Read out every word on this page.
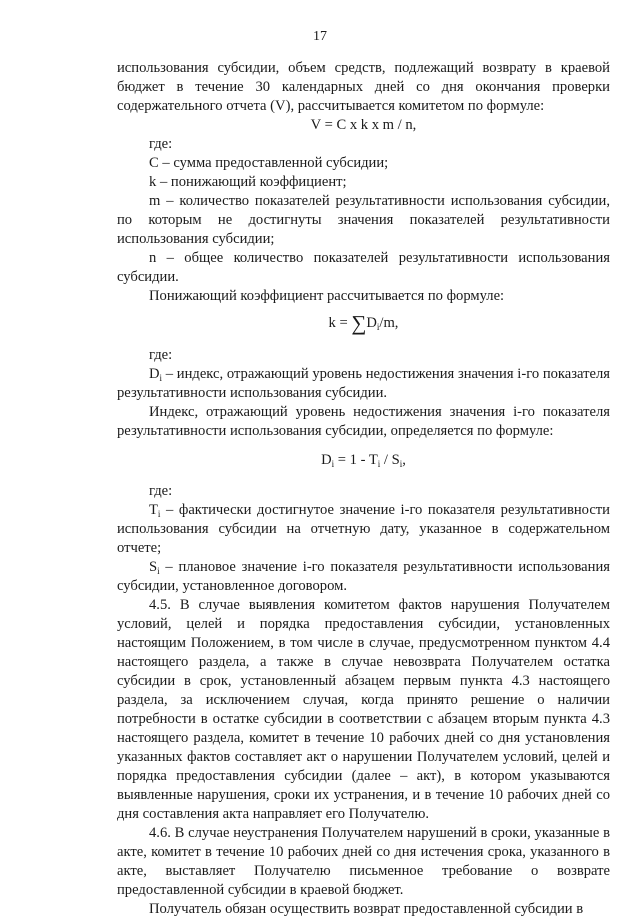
17

использования субсидии, объем средств, подлежащий возврату в краевой бюджет в течение 30 календарных дней со дня окончания проверки содержательного отчета (V), рассчитывается комитетом по формуле:

V = C x k x m / n,

где:

C – сумма предоставленной субсидии;

k – понижающий коэффициент;

m – количество показателей результативности использования субсидии, по которым не достигнуты значения показателей результативности использования субсидии;

n – общее количество показателей результативности использования субсидии.

Понижающий коэффициент рассчитывается по формуле:

$k = \sum D_i/m$,

где:

$D_i$ – индекс, отражающий уровень недостижения значения i-го показателя результативности использования субсидии.

Индекс, отражающий уровень недостижения значения i-го показателя результативности использования субсидии, определяется по формуле:

$D_i = 1 - T_i / S_i$,

где:

$T_i$ – фактически достигнутое значение i-го показателя результативности использования субсидии на отчетную дату, указанное в содержательном отчете;

$S_i$ – плановое значение i-го показателя результативности использования субсидии, установленное договором.

4.5. В случае выявления комитетом фактов нарушения Получателем условий, целей и порядка предоставления субсидии, установленных настоящим Положением, в том числе в случае, предусмотренном пунктом 4.4 настоящего раздела, а также в случае невозврата Получателем остатка субсидии в срок, установленный абзацем первым пункта 4.3 настоящего раздела, за исключением случая, когда принято решение о наличии потребности в остатке субсидии в соответствии с абзацем вторым пункта 4.3 настоящего раздела, комитет в течение 10 рабочих дней со дня установления указанных фактов составляет акт о нарушении Получателем условий, целей и порядка предоставления субсидии (далее – акт), в котором указываются выявленные нарушения, сроки их устранения, и в течение 10 рабочих дней со дня составления акта направляет его Получателю.

4.6. В случае неустранения Получателем нарушений в сроки, указанные в акте, комитет в течение 10 рабочих дней со дня истечения срока, указанного в акте, выставляет Получателю письменное требование о возврате предоставленной субсидии в краевой бюджет.

Получатель обязан осуществить возврат предоставленной субсидии в
